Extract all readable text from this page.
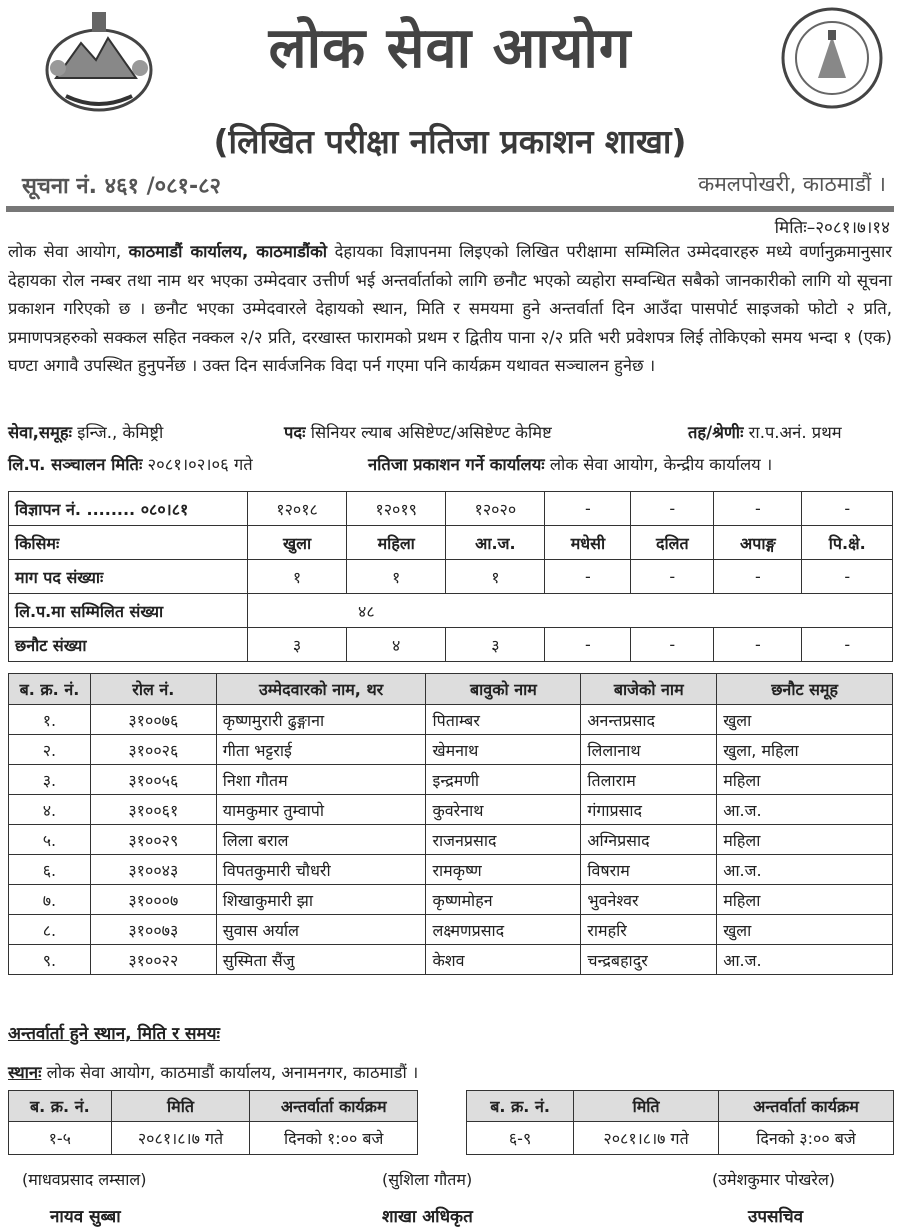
लोक सेवा आयोग
(लिखित परीक्षा नतिजा प्रकाशन शाखा)
सूचना नं. ४६१ /०८१-८२	कमलपोखरी, काठमाडौं ।
मितिः–२०८१।७।१४
लोक सेवा आयोग, काठमाडौं कार्यालय, काठमाडौंको देहायका विज्ञापनमा लिइएको लिखित परीक्षामा सम्मिलित उम्मेदवारहरु मध्ये वर्णानुक्रमानुसार देहायका रोल नम्बर तथा नाम थर भएका उम्मेदवार उत्तीर्ण भई अन्तर्वार्ताको लागि छनौट भएको व्यहोरा सम्वन्धित सबैको जानकारीको लागि यो सूचना प्रकाशन गरिएको छ । छनौट भएका उम्मेदवारले देहायको स्थान, मिति र समयमा हुने अन्तर्वार्ता दिन आउँदा पासपोर्ट साइजको फोटो २ प्रति, प्रमाणपत्रहरुको सक्कल सहित नक्कल २/२ प्रति, दरखास्त फारामको प्रथम र द्वितीय पाना २/२ प्रति भरी प्रवेशपत्र लिई तोकिएको समय भन्दा १ (एक) घण्टा अगावै उपस्थित हुनुपर्नेछ । उक्त दिन सार्वजनिक विदा पर्न गएमा पनि कार्यक्रम यथावत सञ्चालन हुनेछ ।
सेवा,समूहः इन्जि., केमिष्ट्री	पदः सिनियर ल्याब असिष्टेण्ट/असिष्टेण्ट केमिष्ट	तह/श्रेणीः रा.प.अनं. प्रथम
लि.प. सञ्चालन मितिः २०८१।०२।०६ गते	नतिजा प्रकाशन गर्ने कार्यालयः लोक सेवा आयोग, केन्द्रीय कार्यालय ।
विज्ञापन नं. ........ ०८०।८१	१२०१८	१२०१९	१२०२०	-	-	-	-
किसिमः	खुला	महिला	आ.ज.	मधेसी	दलित	अपाङ्ग	पि.क्षे.
माग पद संख्याः	१	१	१	-	-	-	-
लि.प.मा सम्मिलित संख्या	४८						
छनौट संख्या	३	४	३	-	-	-	-
ब. क्र. नं.	रोल नं.	उम्मेदवारको नाम, थर	बावुको नाम	बाजेको नाम	छनौट समूह
१.	३१००७६	कृष्णमुरारी ढुङ्गाना	पिताम्बर	अनन्तप्रसाद	खुला
२.	३१००२६	गीता भट्टराई	खेमनाथ	लिलानाथ	खुला, महिला
३.	३१००५६	निशा गौतम	इन्द्रमणी	तिलाराम	महिला
४.	३१००६१	यामकुमार तुम्वापो	कुवरेनाथ	गंगाप्रसाद	आ.ज.
५.	३१००२९	लिला बराल	राजनप्रसाद	अग्निप्रसाद	महिला
६.	३१००४३	विपतकुमारी चौधरी	रामकृष्ण	विषराम	आ.ज.
७.	३१०००७	शिखाकुमारी झा	कृष्णमोहन	भुवनेश्वर	महिला
८.	३१००७३	सुवास अर्याल	लक्ष्मणप्रसाद	रामहरि	खुला
९.	३१००२२	सुस्मिता सैंजु	केशव	चन्द्रबहादुर	आ.ज.
अन्तर्वार्ता हुने स्थान, मिति र समयः
स्थानः लोक सेवा आयोग, काठमाडौं कार्यालय, अनामनगर, काठमाडौं ।
ब. क्र. नं.	मिति	अन्तर्वार्ता कार्यक्रम
१-५	२०८१।८।७ गते	दिनको १:०० बजे
ब. क्र. नं.	मिति	अन्तर्वार्ता कार्यक्रम
६-९	२०८१।८।७ गते	दिनको ३:०० बजे
(माधवप्रसाद लम्साल)	(सुशिला गौतम)	(उमेशकुमार पोखरेल)
नायव सुब्बा	शाखा अधिकृत	उपसचिव
